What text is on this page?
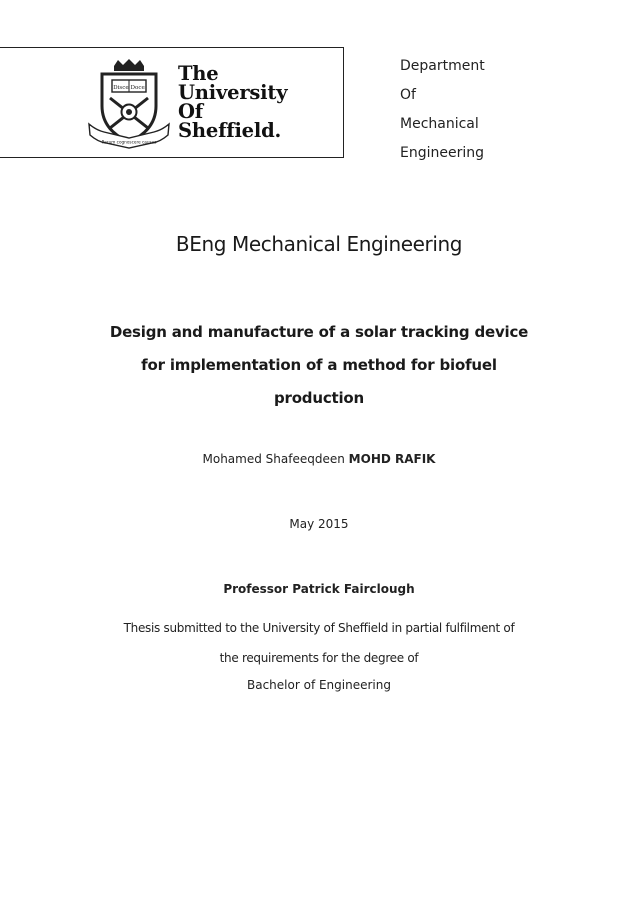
Disce Doce
Rerum cognoscere causas
The
University
Of
Sheffield.
Department
Of
Mechanical
Engineering
BEng Mechanical Engineering
Design and manufacture of a solar tracking device
for implementation of a method for biofuel
production
Mohamed Shafeeqdeen MOHD RAFIK
May 2015
Professor Patrick Fairclough
Thesis submitted to the University of Sheffield in partial fulfilment of
the requirements for the degree of
Bachelor of Engineering
